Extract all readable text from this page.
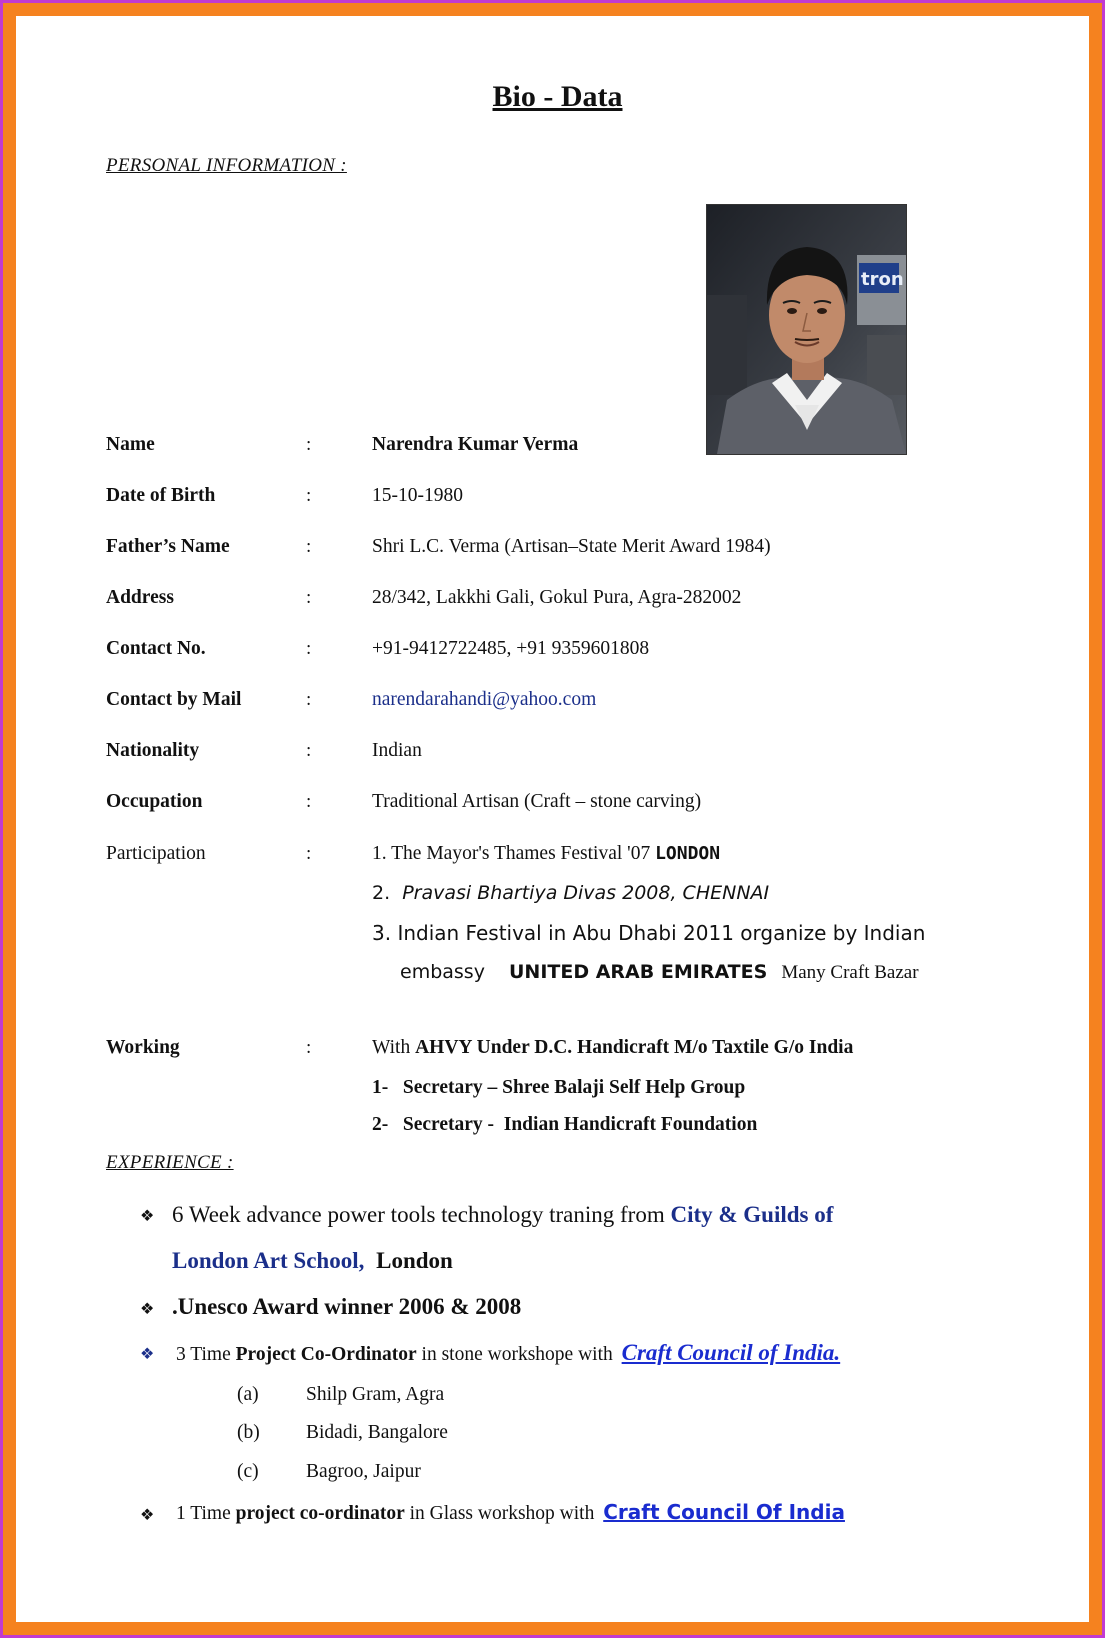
Bio - Data
PERSONAL INFORMATION :
tron
Name	:	Narendra Kumar Verma
Date of Birth	:	15-10-1980
Father’s Name	:	Shri L.C. Verma (Artisan–State Merit Award 1984)
Address	:	28/342, Lakkhi Gali, Gokul Pura, Agra-282002
Contact No.	:	+91-9412722485, +91 9359601808
Contact by Mail	:	narendarahandi@yahoo.com
Nationality	:	Indian
Occupation	:	Traditional Artisan (Craft – stone carving)
Participation	:	1. The Mayor's Thames Festival '07 LONDON
2. Pravasi Bhartiya Divas 2008, CHENNAI
3. Indian Festival in Abu Dhabi 2011 organize by Indian
embassy UNITED ARAB EMIRATES Many Craft Bazar
Working	:	With AHVY Under D.C. Handicraft M/o Taxtile G/o India
1-   Secretary – Shree Balaji Self Help Group
2-   Secretary -  Indian Handicraft Foundation
EXPERIENCE :
❖ 6 Week advance power tools technology traning from City & Guilds of
London Art School, London
❖ .Unesco Award winner 2006 & 2008
❖ 3 Time Project Co-Ordinator in stone workshope with Craft Council of India.
(a) Shilp Gram, Agra
(b) Bidadi, Bangalore
(c) Bagroo, Jaipur
❖ 1 Time project co-ordinator in Glass workshop with Craft Council Of India
